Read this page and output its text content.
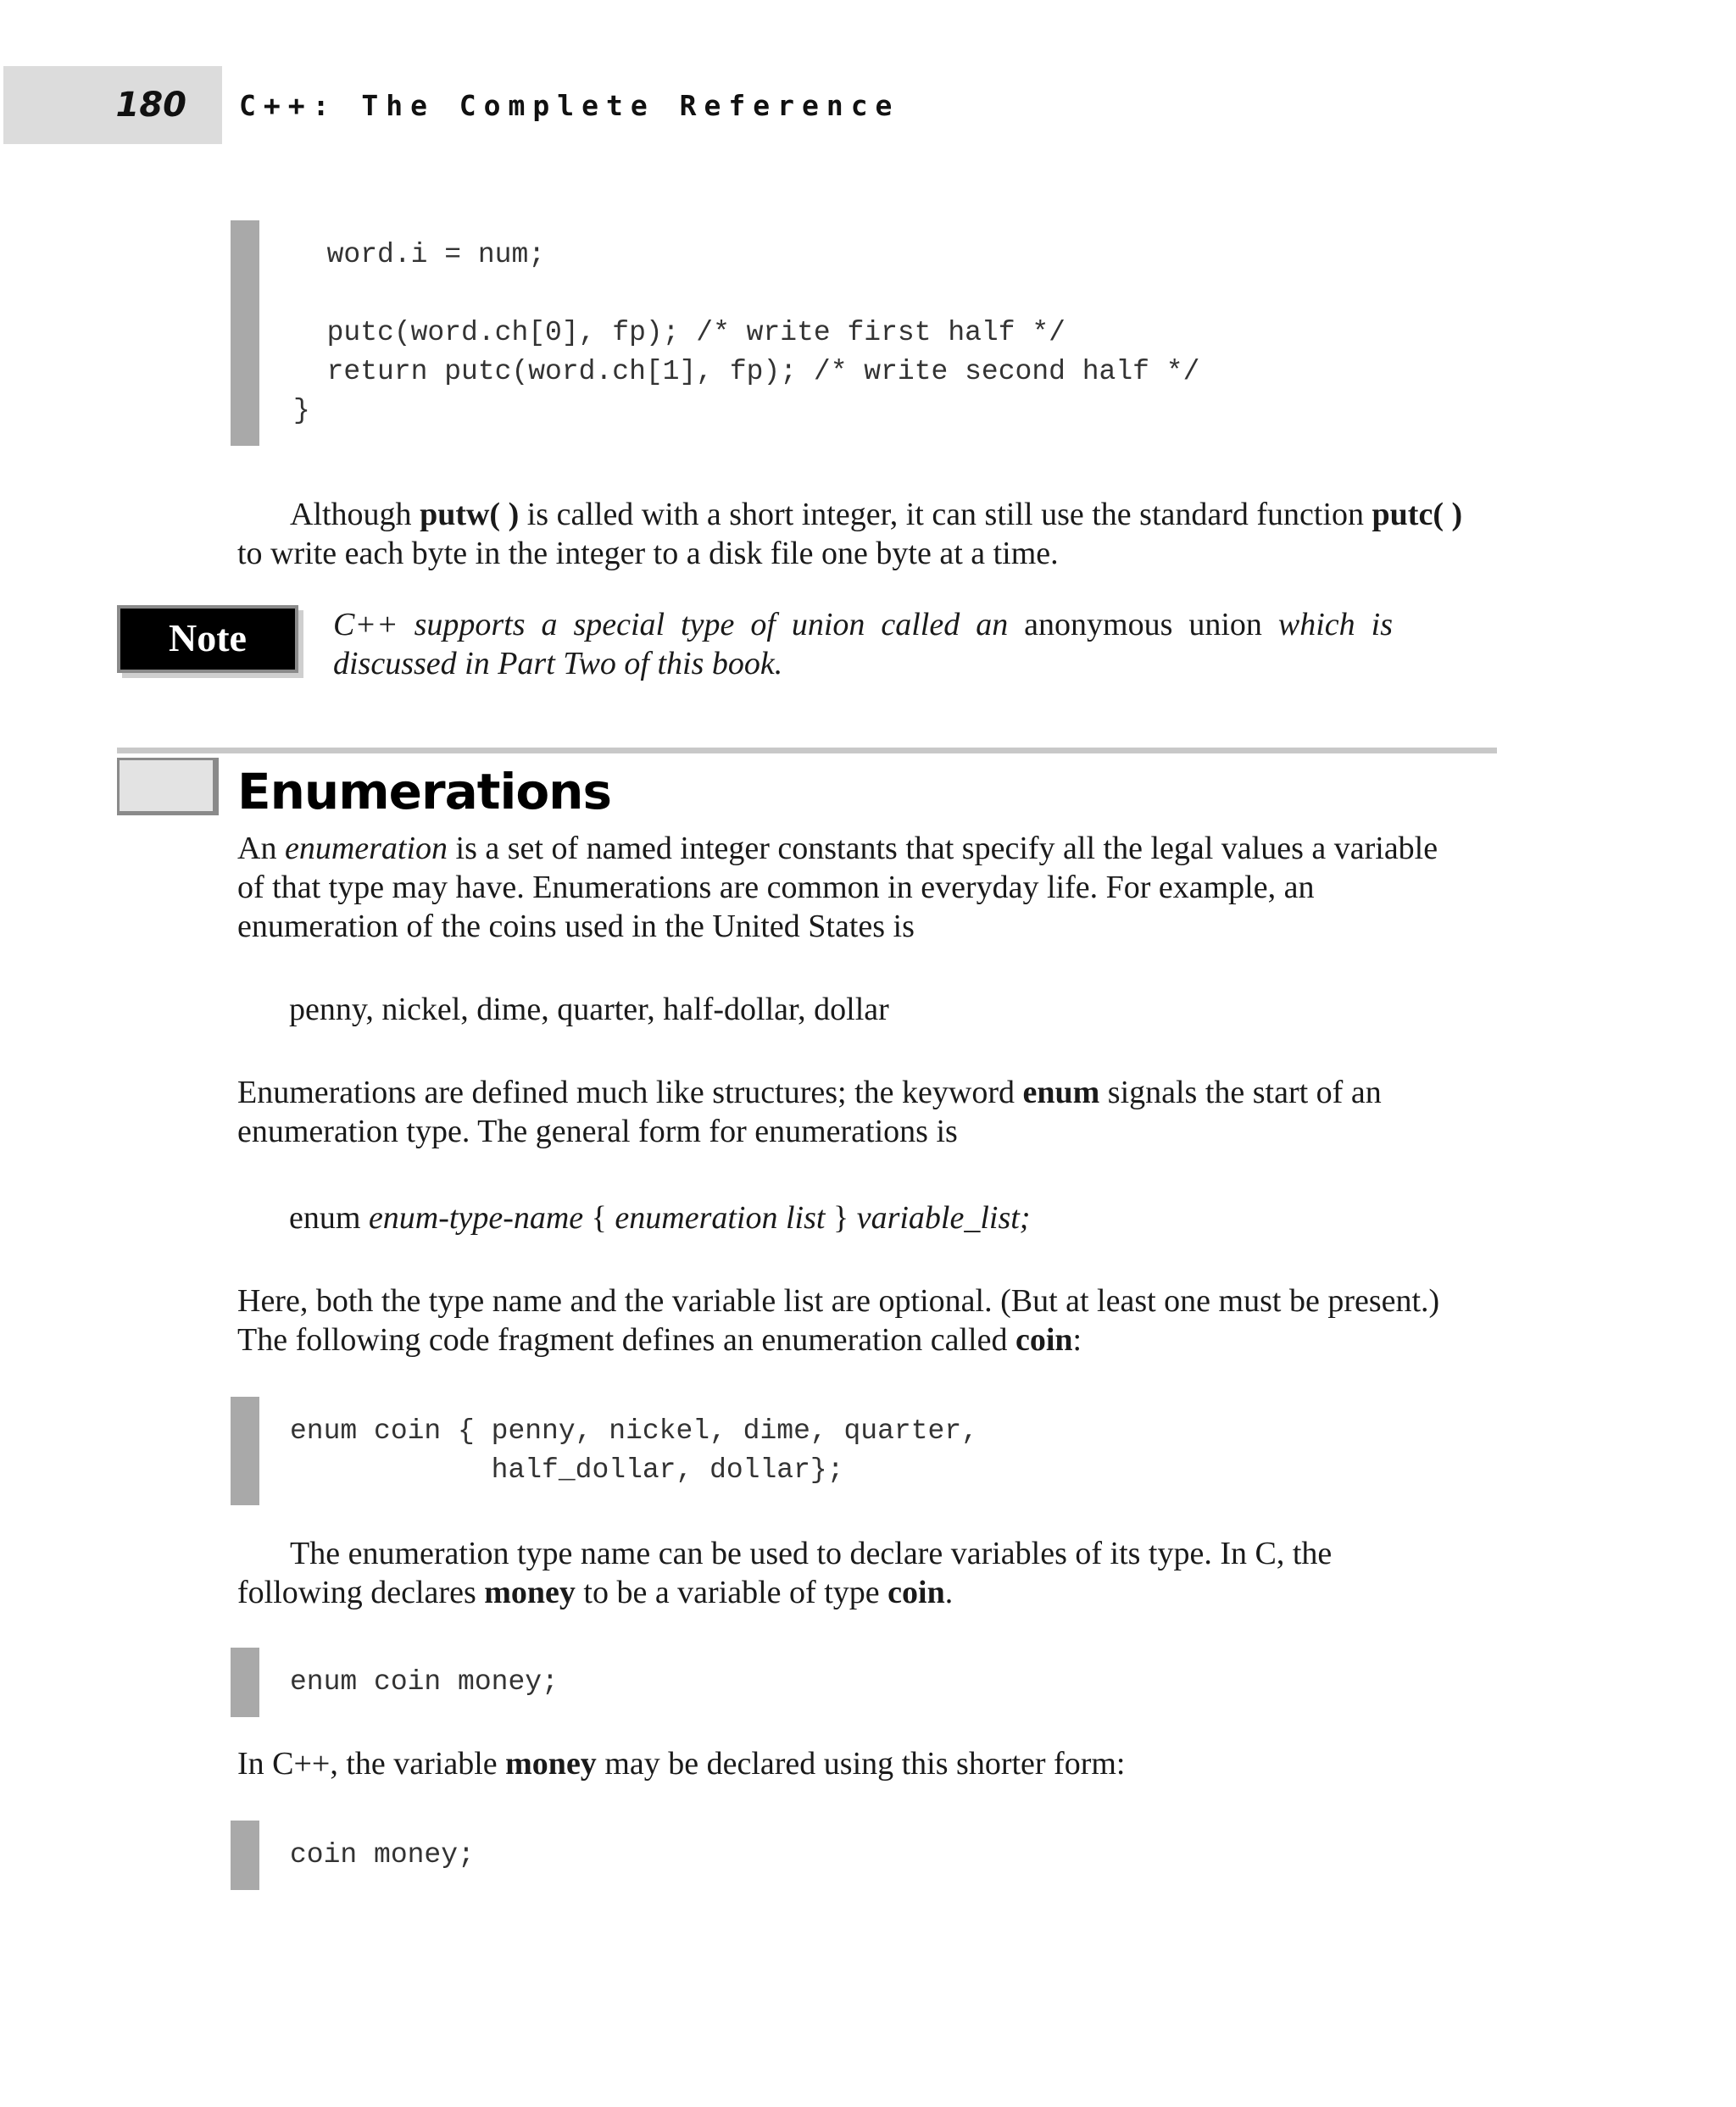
180 C++: The Complete Reference
word.i = num;

putc(word.ch[0], fp); /* write first half */
return putc(word.ch[1], fp); /* write second half */
}

Although putw( ) is called with a short integer, it can still use the standard function putc( ) to write each byte in the integer to a disk file one byte at a time.

Note	C++ supports a special type of union called an anonymous union which is discussed in Part Two of this book.

Enumerations

An enumeration is a set of named integer constants that specify all the legal values a variable of that type may have. Enumerations are common in everyday life. For example, an enumeration of the coins used in the United States is

penny, nickel, dime, quarter, half-dollar, dollar

Enumerations are defined much like structures; the keyword enum signals the start of an enumeration type. The general form for enumerations is

enum enum-type-name { enumeration list } variable_list;

Here, both the type name and the variable list are optional. (But at least one must be present.) The following code fragment defines an enumeration called coin:

enum coin { penny, nickel, dime, quarter,
half_dollar, dollar};

The enumeration type name can be used to declare variables of its type. In C, the following declares money to be a variable of type coin.

enum coin money;

In C++, the variable money may be declared using this shorter form:

coin money;
